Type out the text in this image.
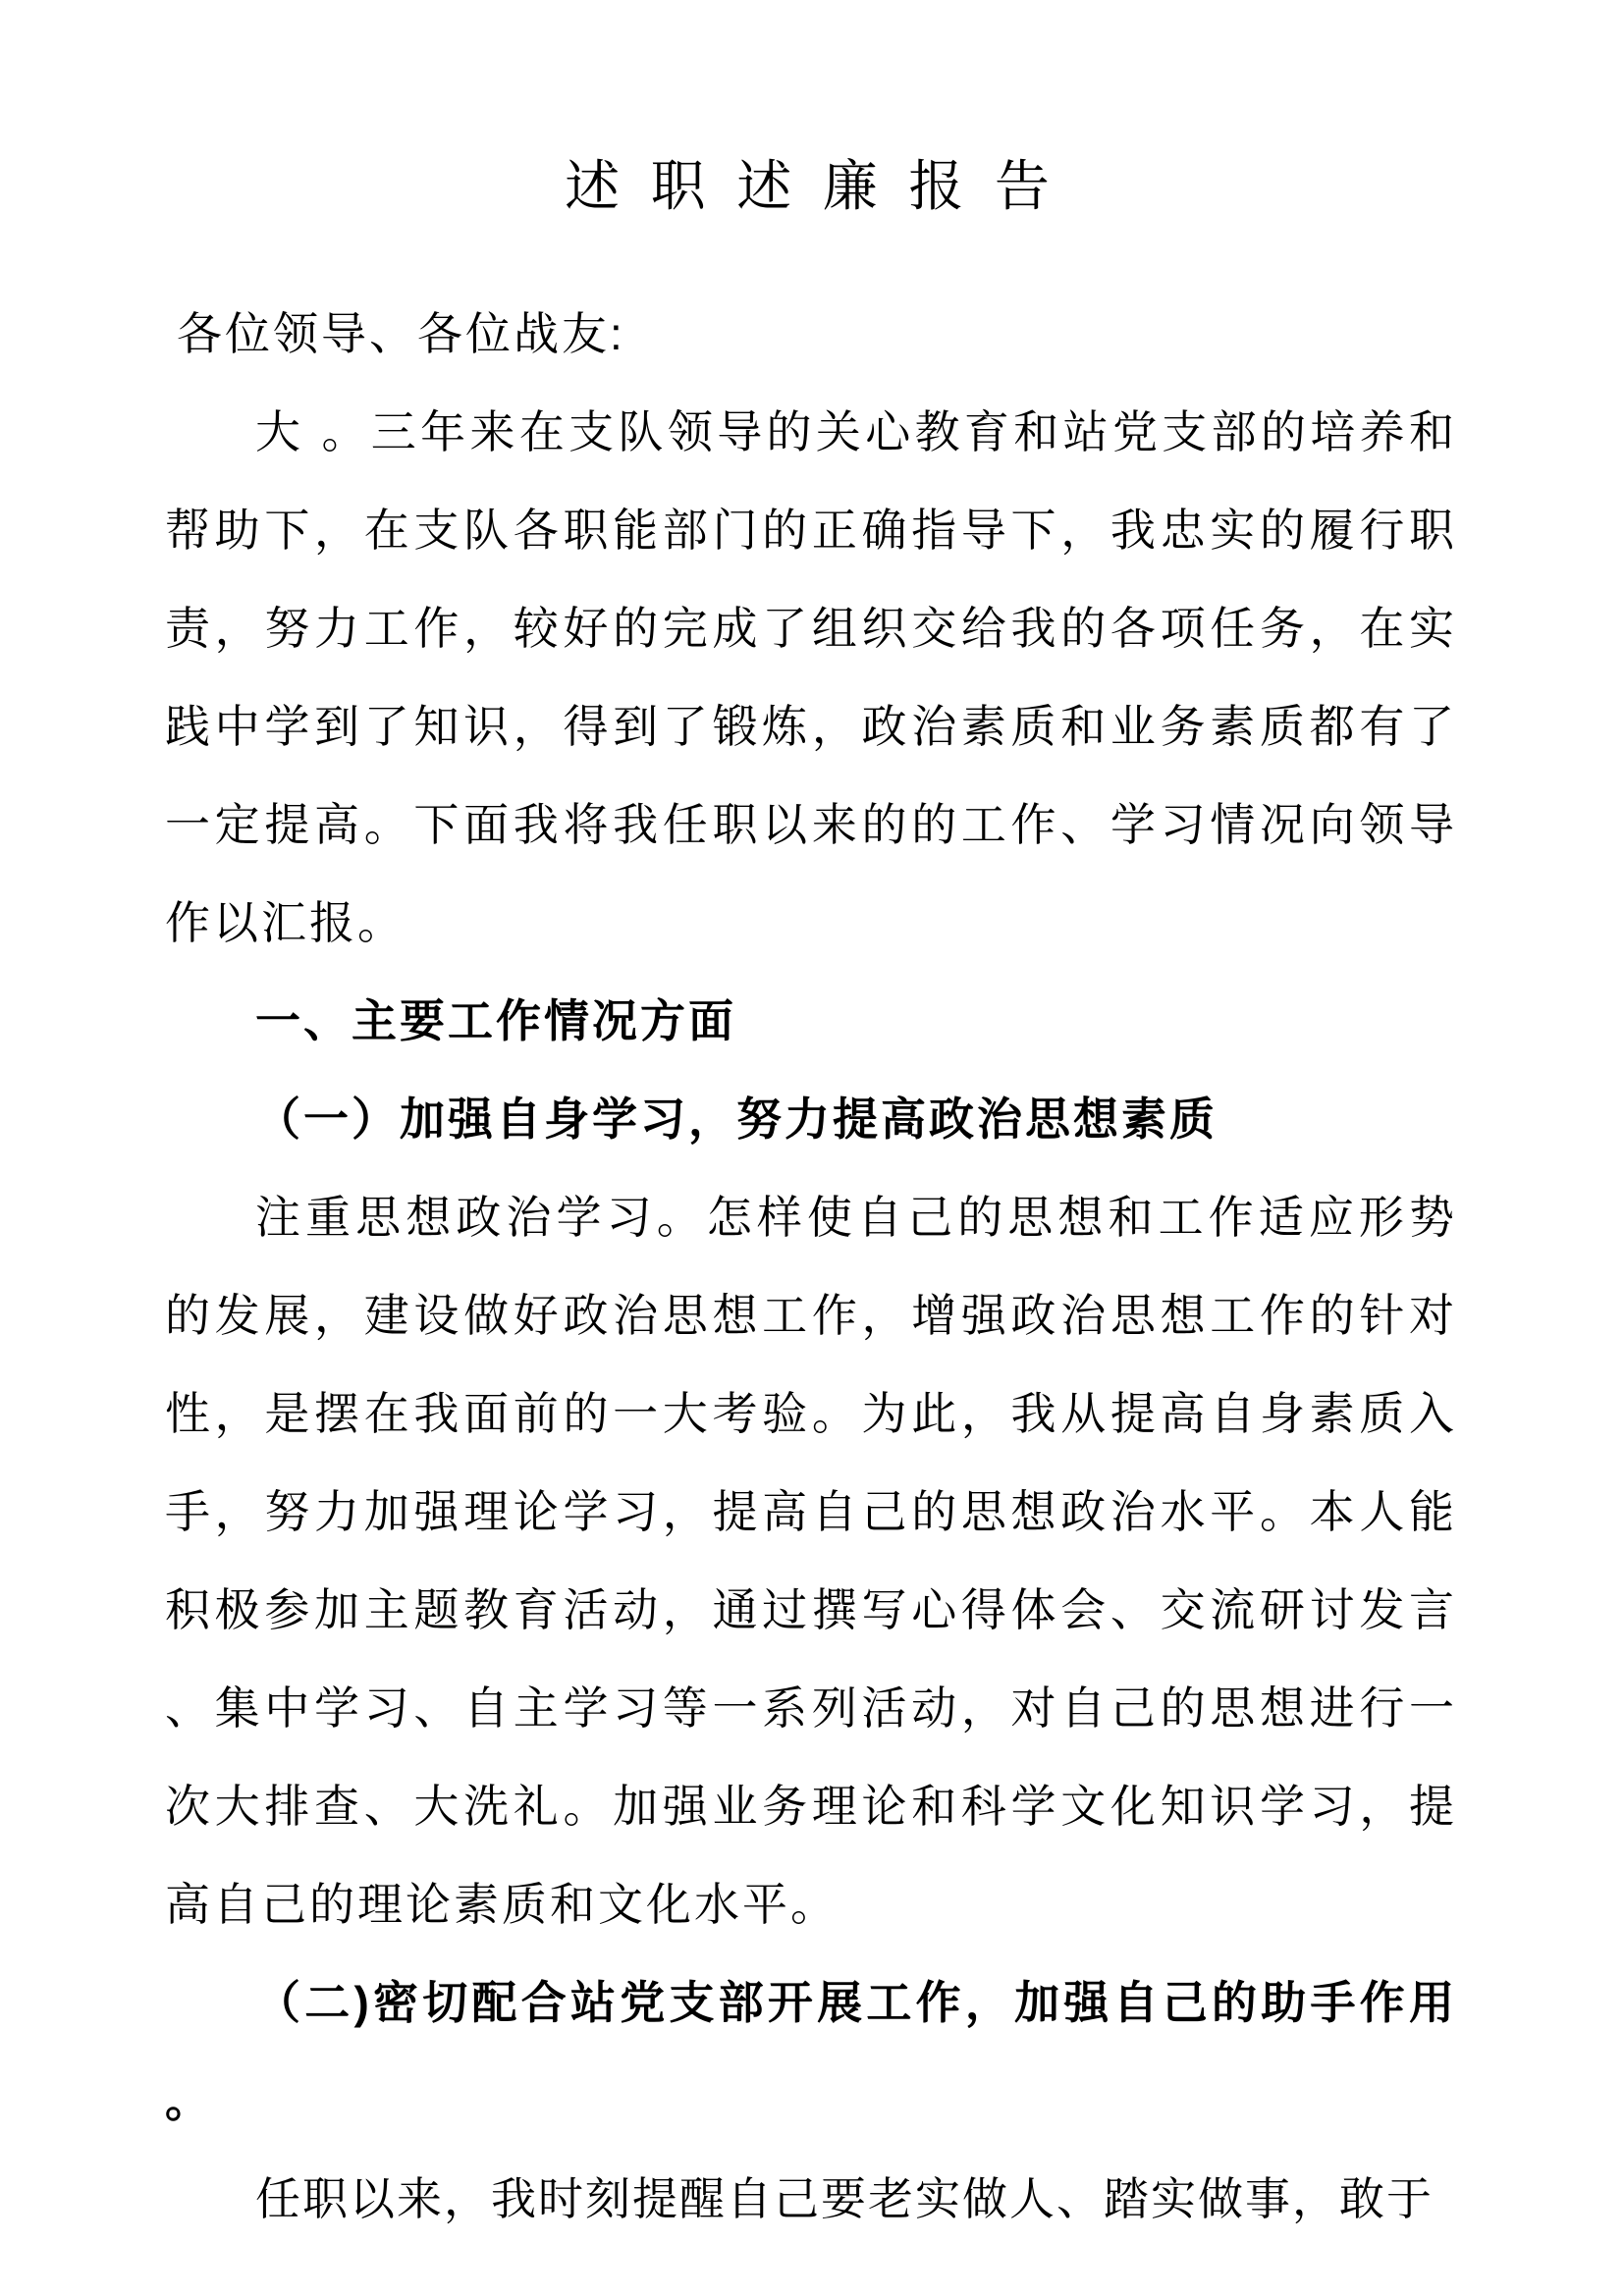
述 职 述 廉 报 告

各位领导、各位战友:

大 。三年来在支队领导的关心教育和站党支部的培养和帮助下，在支队各职能部门的正确指导下，我忠实的履行职责，努力工作，较好的完成了组织交给我的各项任务，在实践中学到了知识，得到了锻炼，政治素质和业务素质都有了一定提高。下面我将我任职以来的的工作、学习情况向领导作以汇报。

一、主要工作情况方面

（一）加强自身学习，努力提高政治思想素质

注重思想政治学习。怎样使自己的思想和工作适应形势的发展，建设做好政治思想工作，增强政治思想工作的针对性，是摆在我面前的一大考验。为此，我从提高自身素质入手，努力加强理论学习，提高自己的思想政治水平。本人能积极参加主题教育活动，通过撰写心得体会、交流研讨发言、集中学习、自主学习等一系列活动，对自己的思想进行一次大排查、大洗礼。加强业务理论和科学文化知识学习，提高自己的理论素质和文化水平。

（二)密切配合站党支部开展工作，加强自己的助手作用。

任职以来，我时刻提醒自己要老实做人、踏实做事，敢于
